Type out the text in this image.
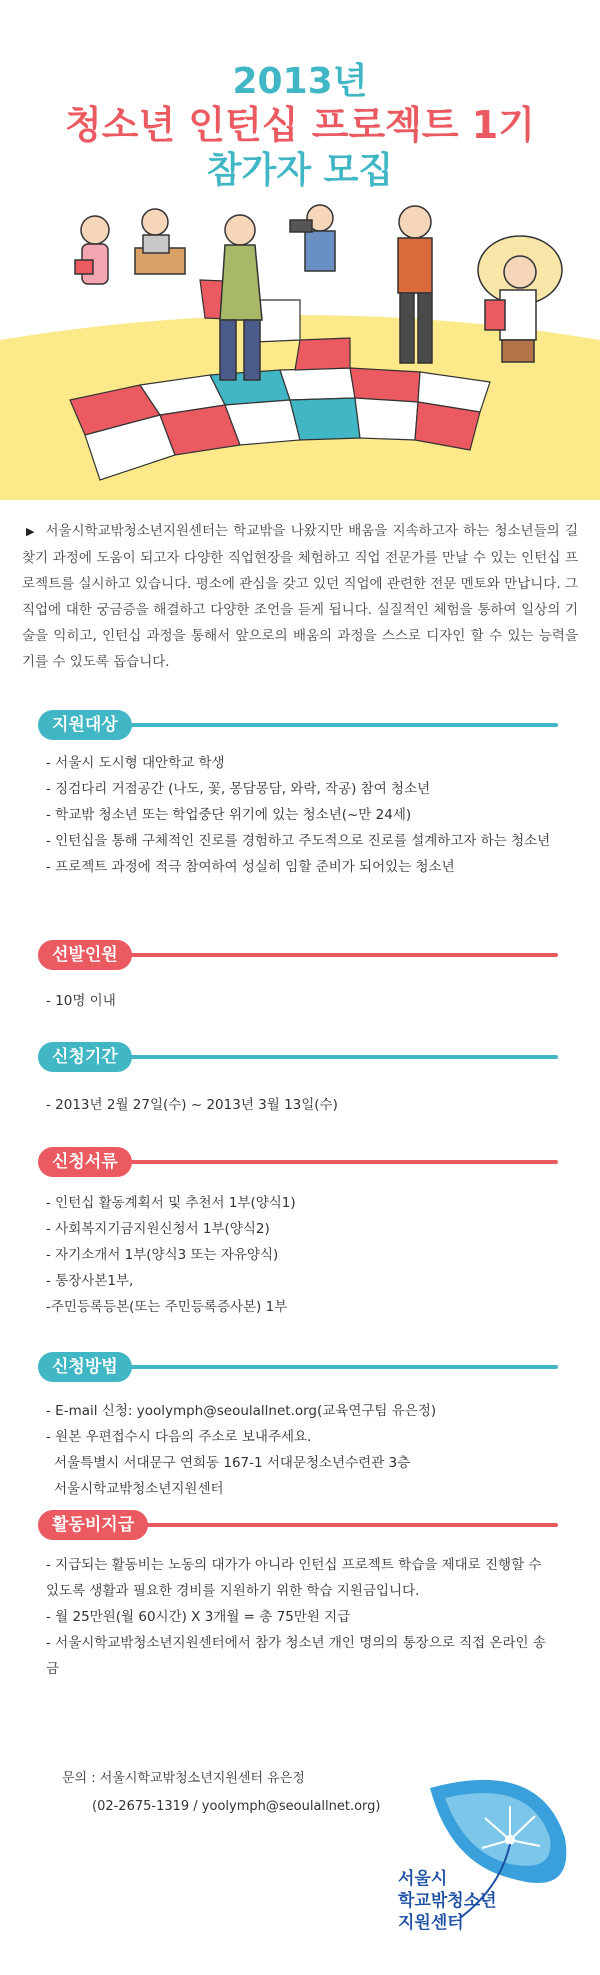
2013년
청소년 인턴십 프로젝트 1기
참가자 모집
▶ 서울시학교밖청소년지원센터는 학교밖을 나왔지만 배움을 지속하고자 하는 청소년들의 길 찾기 과정에 도움이 되고자 다양한 직업현장을 체험하고 직업 전문가를 만날 수 있는 인턴십 프로젝트를 실시하고 있습니다. 평소에 관심을 갖고 있던 직업에 관련한 전문 멘토와 만납니다. 그 직업에 대한 궁금증을 해결하고 다양한 조언을 듣게 됩니다. 실질적인 체험을 통하여 일상의 기술을 익히고, 인턴십 과정을 통해서 앞으로의 배움의 과정을 스스로 디자인 할 수 있는 능력을 기를 수 있도록 돕습니다.
지원대상
- 서울시 도시형 대안학교 학생
- 징검다리 거점공간 (나도, 꽃, 몽담몽담, 와락, 작공) 참여 청소년
- 학교밖 청소년 또는 학업중단 위기에 있는 청소년(~만 24세)
- 인턴십을 통해 구체적인 진로를 경험하고 주도적으로 진로를 설계하고자 하는 청소년
- 프로젝트 과정에 적극 참여하여 성실히 임할 준비가 되어있는 청소년
선발인원
- 10명 이내
신청기간
- 2013년 2월 27일(수) ~ 2013년 3월 13일(수)
신청서류
- 인턴십 활동계획서 및 추천서 1부(양식1)
- 사회복지기금지원신청서 1부(양식2)
- 자기소개서 1부(양식3 또는 자유양식)
- 통장사본1부,
-주민등록등본(또는 주민등록증사본) 1부
신청방법
- E-mail 신청: yoolymph@seoulallnet.org(교육연구팀 유은정)
- 원본 우편접수시 다음의 주소로 보내주세요.
서울특별시 서대문구 연희동 167-1 서대문청소년수련관 3층
서울시학교밖청소년지원센터
활동비지급
- 지급되는 활동비는 노동의 대가가 아니라 인턴십 프로젝트 학습을 제대로 진행할 수 있도록 생활과 필요한 경비를 지원하기 위한 학습 지원금입니다.
- 월 25만원(월 60시간) X 3개월 = 총 75만원 지급
- 서울시학교밖청소년지원센터에서 참가 청소년 개인 명의의 통장으로 직접 온라인 송금
문의 : 서울시학교밖청소년지원센터 유은정
(02-2675-1319 / yoolymph@seoulallnet.org)
서울시
학교밖청소년
지원센터
